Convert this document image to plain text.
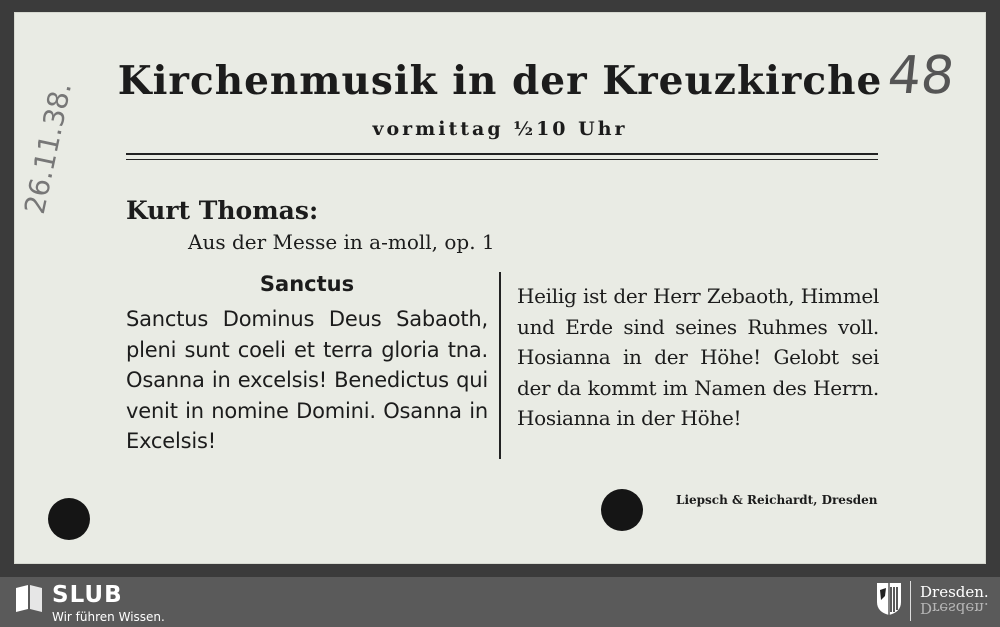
Kirchenmusik in der Kreuzkirche
vormittag ½10 Uhr
48
26.11.38. Kurt Thomas:
Aus der Messe in a-moll, op. 1
Sanctus

Sanctus Dominus Deus Sabaoth, pleni sunt coeli et terra gloria tna. Osanna in excelsis! Benedictus qui venit in nomine Domini. Osanna in Excelsis!

Heilig ist der Herr Zebaoth, Himmel und Erde sind seines Ruhmes voll. Hosianna in der Höhe! Gelobt sei der da kommt im Namen des Herrn. Hosianna in der Höhe!

Liepsch & Reichardt, Dresden
SLUB
Wir führen Wissen.
Dresden.
Dresden.
